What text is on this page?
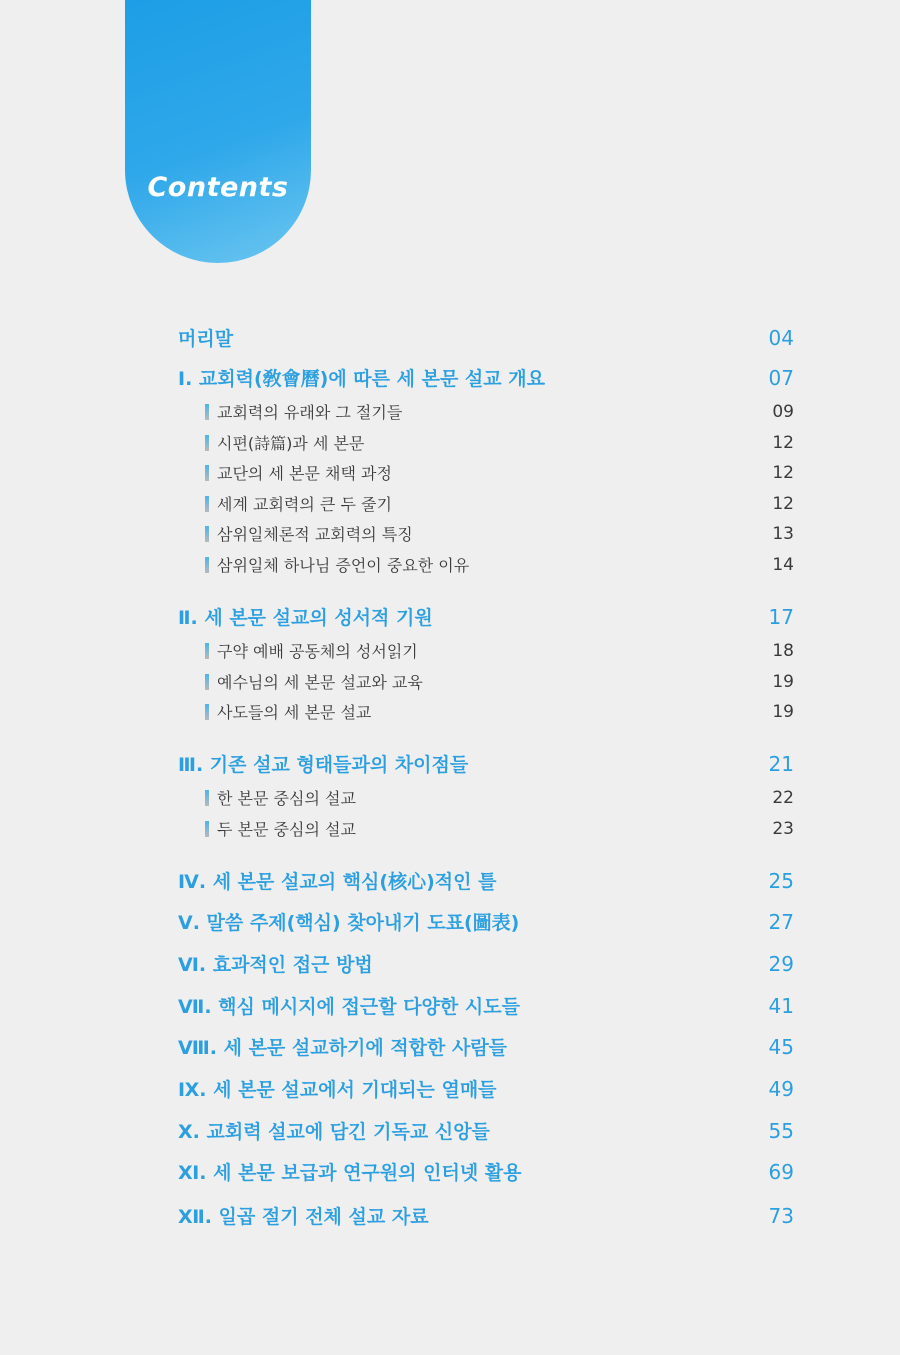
Contents
머리말	04
Ⅰ. 교회력(敎會曆)에 따른 세 본문 설교 개요	07
교회력의 유래와 그 절기들	09
시편(詩篇)과 세 본문	12
교단의 세 본문 채택 과정	12
세계 교회력의 큰 두 줄기	12
삼위일체론적 교회력의 특징	13
삼위일체 하나님 증언이 중요한 이유	14
Ⅱ. 세 본문 설교의 성서적 기원	17
구약 예배 공동체의 성서읽기	18
예수님의 세 본문 설교와 교육	19
사도들의 세 본문 설교	19
Ⅲ. 기존 설교 형태들과의 차이점들	21
한 본문 중심의 설교	22
두 본문 중심의 설교	23
Ⅳ. 세 본문 설교의 핵심(核心)적인 틀	25
Ⅴ. 말씀 주제(핵심) 찾아내기 도표(圖表)	27
Ⅵ. 효과적인 접근 방법	29
Ⅶ. 핵심 메시지에 접근할 다양한 시도들	41
Ⅷ. 세 본문 설교하기에 적합한 사람들	45
Ⅸ. 세 본문 설교에서 기대되는 열매들	49
Ⅹ. 교회력 설교에 담긴 기독교 신앙들	55
Ⅺ. 세 본문 보급과 연구원의 인터넷 활용	69
Ⅻ. 일곱 절기 전체 설교 자료	73
